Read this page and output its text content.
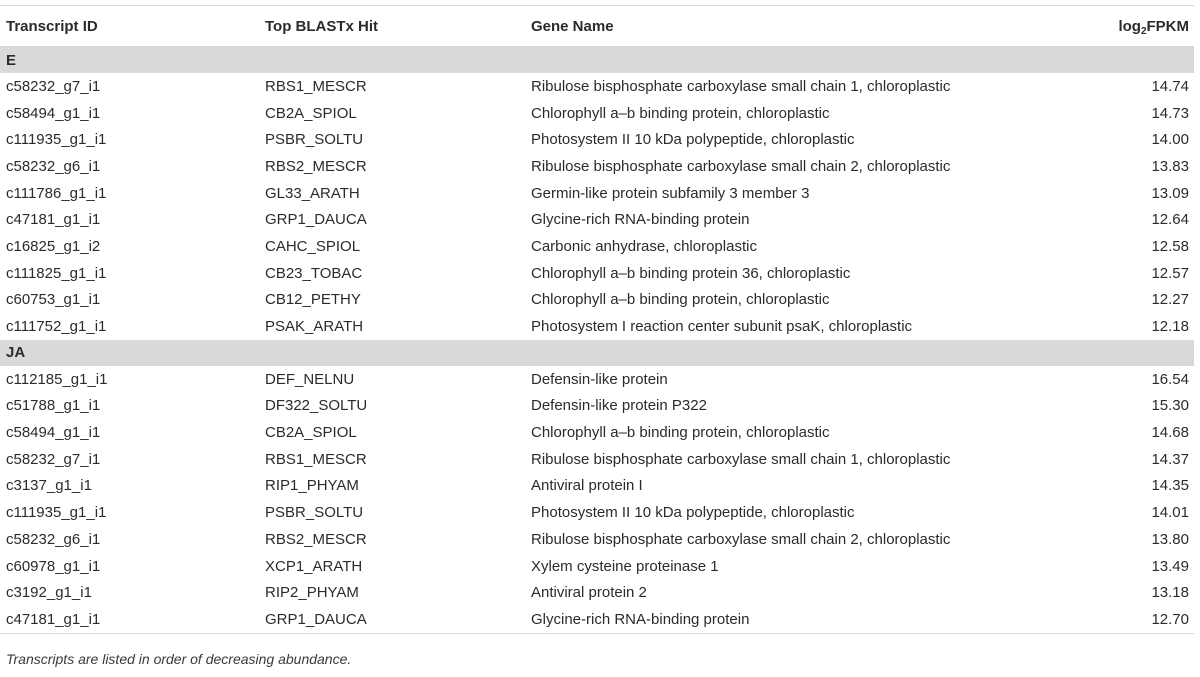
Transcript ID	Top BLASTx Hit	Gene Name	$\log_2FPKM$
E			
c58232_g7_i1	RBS1_MESCR	Ribulose bisphosphate carboxylase small chain 1, chloroplastic	14.74
c58494_g1_i1	CB2A_SPIOL	Chlorophyll a–b binding protein, chloroplastic	14.73
c111935_g1_i1	PSBR_SOLTU	Photosystem II 10 kDa polypeptide, chloroplastic	14.00
c58232_g6_i1	RBS2_MESCR	Ribulose bisphosphate carboxylase small chain 2, chloroplastic	13.83
c111786_g1_i1	GL33_ARATH	Germin-like protein subfamily 3 member 3	13.09
c47181_g1_i1	GRP1_DAUCA	Glycine-rich RNA-binding protein	12.64
c16825_g1_i2	CAHC_SPIOL	Carbonic anhydrase, chloroplastic	12.58
c111825_g1_i1	CB23_TOBAC	Chlorophyll a–b binding protein 36, chloroplastic	12.57
c60753_g1_i1	CB12_PETHY	Chlorophyll a–b binding protein, chloroplastic	12.27
c111752_g1_i1	PSAK_ARATH	Photosystem I reaction center subunit psaK, chloroplastic	12.18
JA			
c112185_g1_i1	DEF_NELNU	Defensin-like protein	16.54
c51788_g1_i1	DF322_SOLTU	Defensin-like protein P322	15.30
c58494_g1_i1	CB2A_SPIOL	Chlorophyll a–b binding protein, chloroplastic	14.68
c58232_g7_i1	RBS1_MESCR	Ribulose bisphosphate carboxylase small chain 1, chloroplastic	14.37
c3137_g1_i1	RIP1_PHYAM	Antiviral protein I	14.35
c111935_g1_i1	PSBR_SOLTU	Photosystem II 10 kDa polypeptide, chloroplastic	14.01
c58232_g6_i1	RBS2_MESCR	Ribulose bisphosphate carboxylase small chain 2, chloroplastic	13.80
c60978_g1_i1	XCP1_ARATH	Xylem cysteine proteinase 1	13.49
c3192_g1_i1	RIP2_PHYAM	Antiviral protein 2	13.18
c47181_g1_i1	GRP1_DAUCA	Glycine-rich RNA-binding protein	12.70
Transcripts are listed in order of decreasing abundance.
